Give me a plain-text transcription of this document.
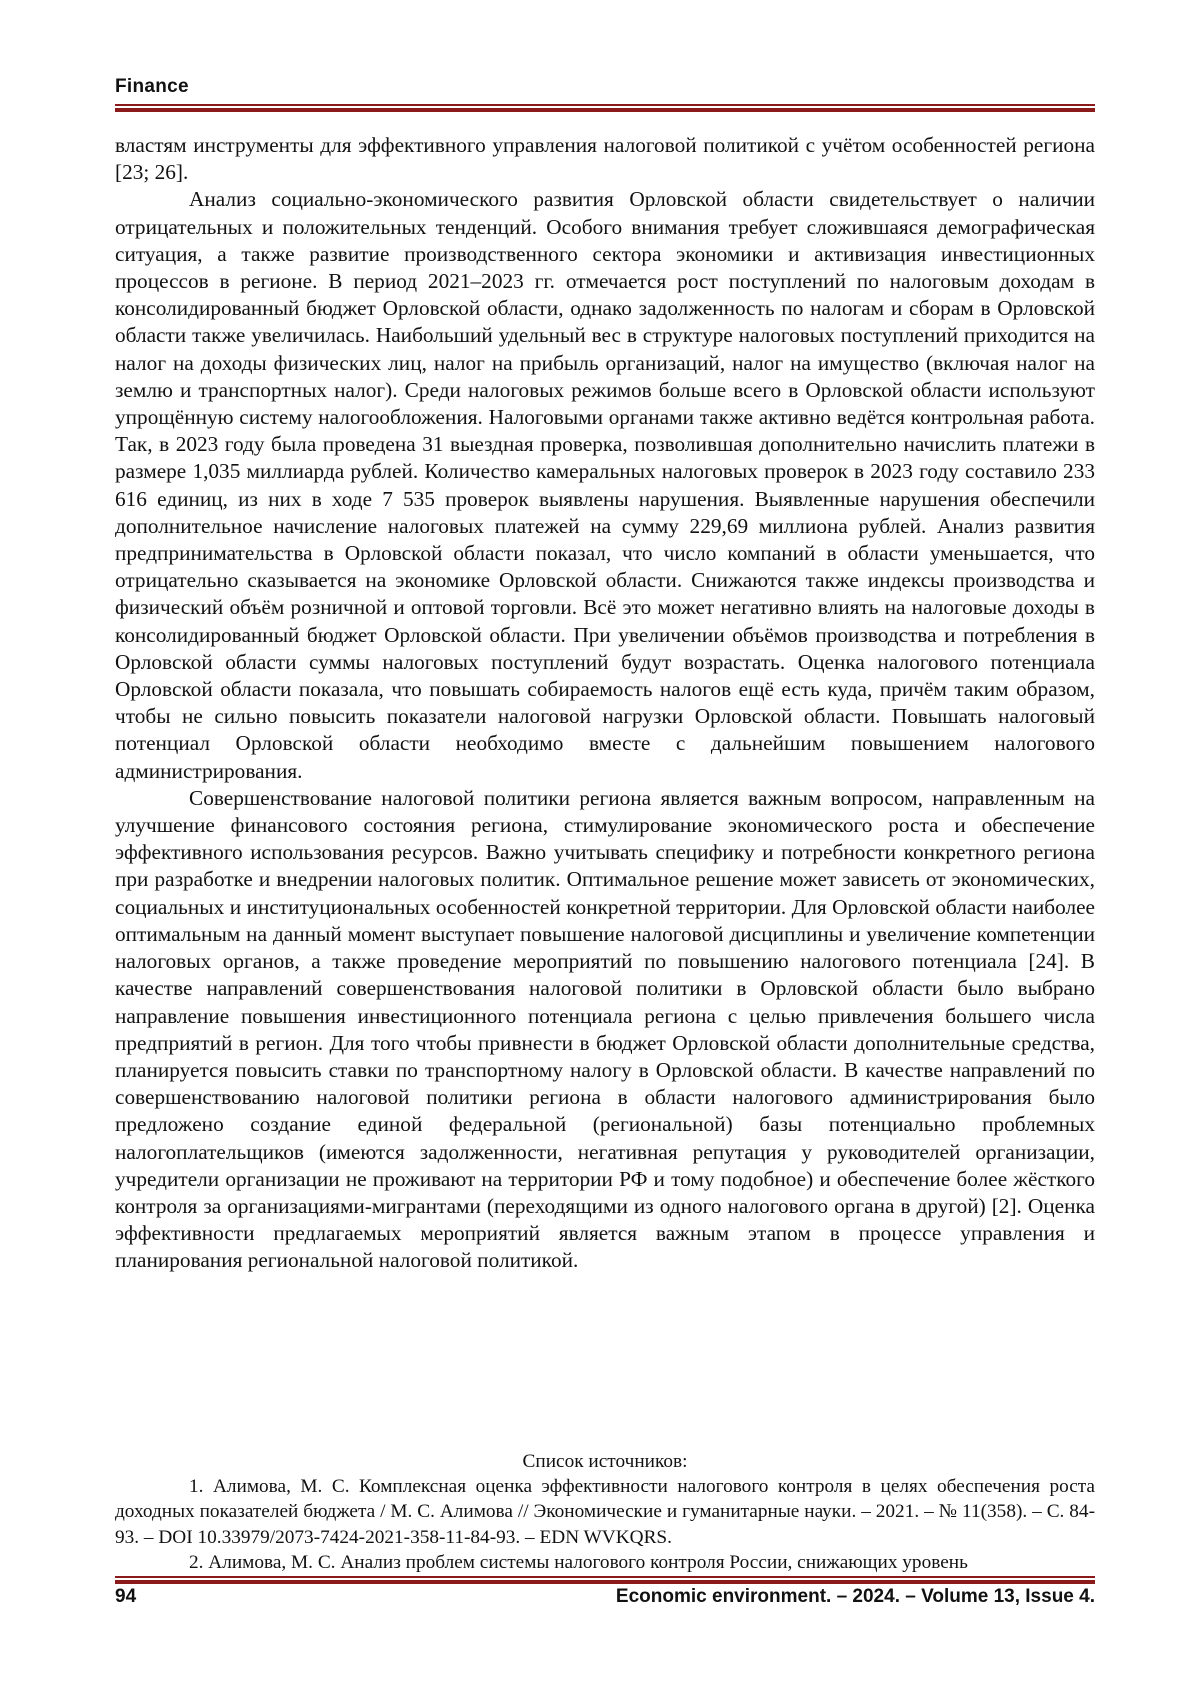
Finance

властям инструменты для эффективного управления налоговой политикой с учётом особенностей региона [23; 26].

Анализ социально-экономического развития Орловской области свидетельствует о наличии отрицательных и положительных тенденций. Особого внимания требует сложившаяся демографическая ситуация, а также развитие производственного сектора экономики и активизация инвестиционных процессов в регионе. В период 2021–2023 гг. отмечается рост поступлений по налоговым доходам в консолидированный бюджет Орловской области, однако задолженность по налогам и сборам в Орловской области также увеличилась. Наибольший удельный вес в структуре налоговых поступлений приходится на налог на доходы физических лиц, налог на прибыль организаций, налог на имущество (включая налог на землю и транспортных налог). Среди налоговых режимов больше всего в Орловской области используют упрощённую систему налогообложения. Налоговыми органами также активно ведётся контрольная работа. Так, в 2023 году была проведена 31 выездная проверка, позволившая дополнительно начислить платежи в размере 1,035 миллиарда рублей. Количество камеральных налоговых проверок в 2023 году составило 233 616 единиц, из них в ходе 7 535 проверок выявлены нарушения. Выявленные нарушения обеспечили дополнительное начисление налоговых платежей на сумму 229,69 миллиона рублей. Анализ развития предпринимательства в Орловской области показал, что число компаний в области уменьшается, что отрицательно сказывается на экономике Орловской области. Снижаются также индексы производства и физический объём розничной и оптовой торговли. Всё это может негативно влиять на налоговые доходы в консолидированный бюджет Орловской области. При увеличении объёмов производства и потребления в Орловской области суммы налоговых поступлений будут возрастать. Оценка налогового потенциала Орловской области показала, что повышать собираемость налогов ещё есть куда, причём таким образом, чтобы не сильно повысить показатели налоговой нагрузки Орловской области. Повышать налоговый потенциал Орловской области необходимо вместе с дальнейшим повышением налогового администрирования.

Совершенствование налоговой политики региона является важным вопросом, направленным на улучшение финансового состояния региона, стимулирование экономического роста и обеспечение эффективного использования ресурсов. Важно учитывать специфику и потребности конкретного региона при разработке и внедрении налоговых политик. Оптимальное решение может зависеть от экономических, социальных и институциональных особенностей конкретной территории. Для Орловской области наиболее оптимальным на данный момент выступает повышение налоговой дисциплины и увеличение компетенции налоговых органов, а также проведение мероприятий по повышению налогового потенциала [24]. В качестве направлений совершенствования налоговой политики в Орловской области было выбрано направление повышения инвестиционного потенциала региона с целью привлечения большего числа предприятий в регион. Для того чтобы привнести в бюджет Орловской области дополнительные средства, планируется повысить ставки по транспортному налогу в Орловской области. В качестве направлений по совершенствованию налоговой политики региона в области налогового администрирования было предложено создание единой федеральной (региональной) базы потенциально проблемных налогоплательщиков (имеются задолженности, негативная репутация у руководителей организации, учредители организации не проживают на территории РФ и тому подобное) и обеспечение более жёсткого контроля за организациями-мигрантами (переходящими из одного налогового органа в другой) [2]. Оценка эффективности предлагаемых мероприятий является важным этапом в процессе управления и планирования региональной налоговой политикой.

Список источников:

1. Алимова, М. С. Комплексная оценка эффективности налогового контроля в целях обеспечения роста доходных показателей бюджета / М. С. Алимова // Экономические и гуманитарные науки. – 2021. – № 11(358). – С. 84-93. – DOI 10.33979/2073-7424-2021-358-11-84-93. – EDN WVKQRS.

2. Алимова, М. С. Анализ проблем системы налогового контроля России, снижающих уровень

94	Economic environment. – 2024. – Volume 13, Issue 4.
